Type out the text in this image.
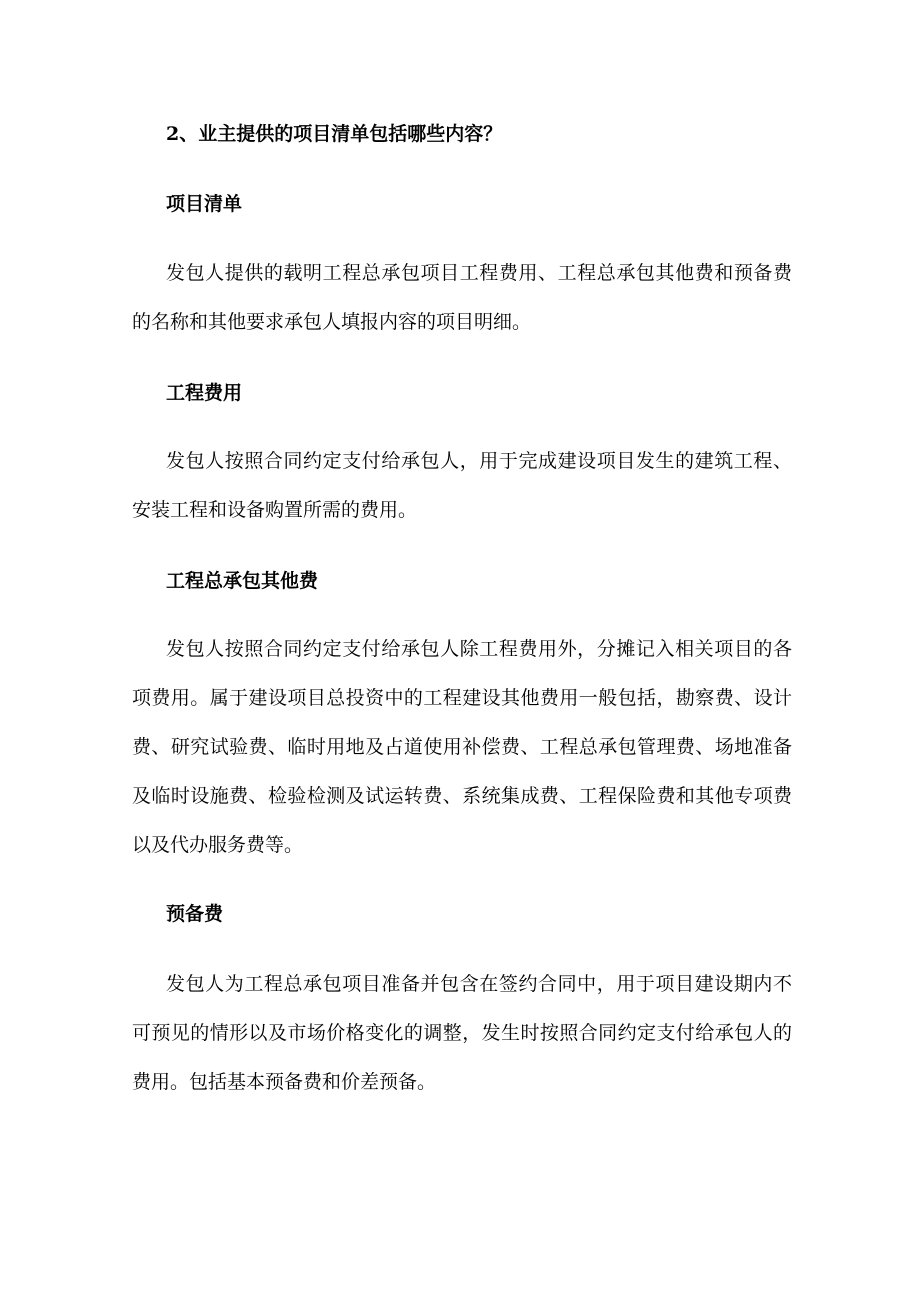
2、业主提供的项目清单包括哪些内容？

项目清单

发包人提供的载明工程总承包项目工程费用、工程总承包其他费和预备费的名称和其他要求承包人填报内容的项目明细。

工程费用

发包人按照合同约定支付给承包人，用于完成建设项目发生的建筑工程、安装工程和设备购置所需的费用。

工程总承包其他费

发包人按照合同约定支付给承包人除工程费用外，分摊记入相关项目的各项费用。属于建设项目总投资中的工程建设其他费用一般包括，勘察费、设计费、研究试验费、临时用地及占道使用补偿费、工程总承包管理费、场地准备及临时设施费、检验检测及试运转费、系统集成费、工程保险费和其他专项费以及代办服务费等。

预备费

发包人为工程总承包项目准备并包含在签约合同中，用于项目建设期内不可预见的情形以及市场价格变化的调整，发生时按照合同约定支付给承包人的费用。包括基本预备费和价差预备。
